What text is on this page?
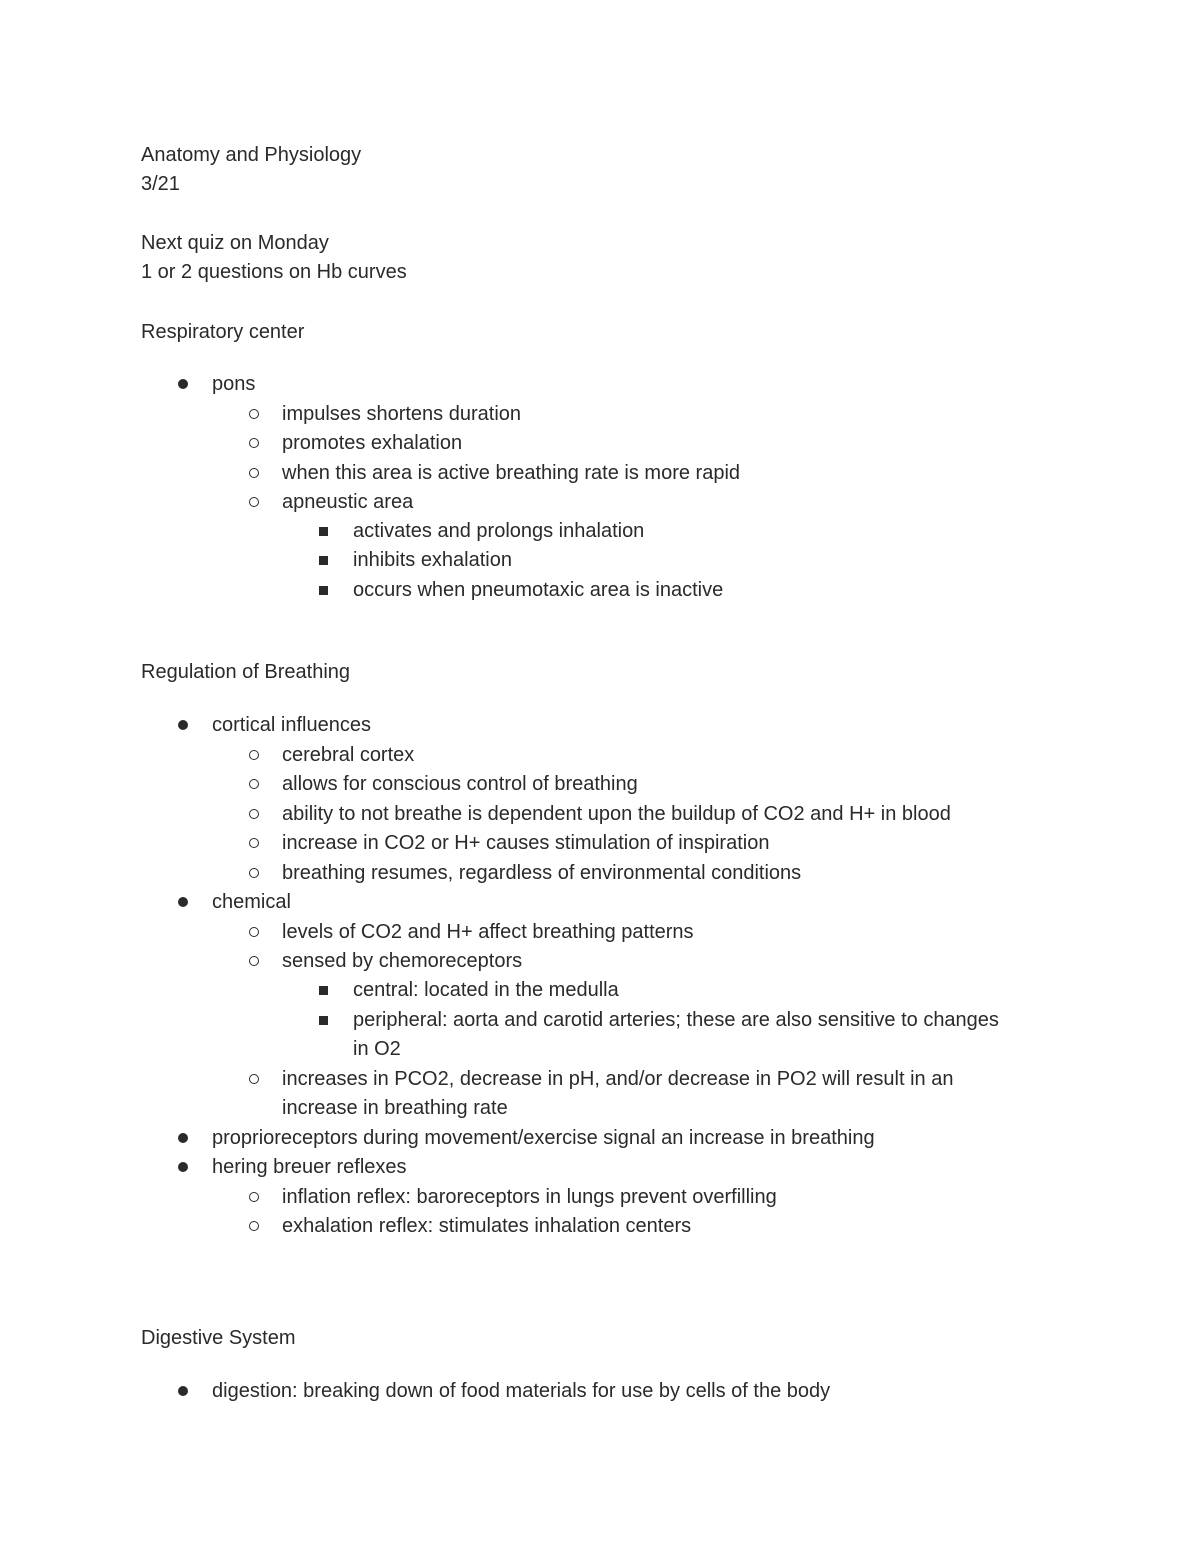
Anatomy and Physiology
3/21
Next quiz on Monday
1 or 2 questions on Hb curves
Respiratory center
pons
impulses shortens duration
promotes exhalation
when this area is active breathing rate is more rapid
apneustic area
activates and prolongs inhalation
inhibits exhalation
occurs when pneumotaxic area is inactive
Regulation of Breathing
cortical influences
cerebral cortex
allows for conscious control of breathing
ability to not breathe is dependent upon the buildup of CO2 and H+ in blood
increase in CO2 or H+ causes stimulation of inspiration
breathing resumes, regardless of environmental conditions
chemical
levels of CO2 and H+ affect breathing patterns
sensed by chemoreceptors
central: located in the medulla
peripheral: aorta and carotid arteries; these are also sensitive to changes
in O2
increases in PCO2, decrease in pH, and/or decrease in PO2 will result in an
increase in breathing rate
proprioreceptors during movement/exercise signal an increase in breathing
hering breuer reflexes
inflation reflex: baroreceptors in lungs prevent overfilling
exhalation reflex: stimulates inhalation centers
Digestive System
digestion: breaking down of food materials for use by cells of the body
